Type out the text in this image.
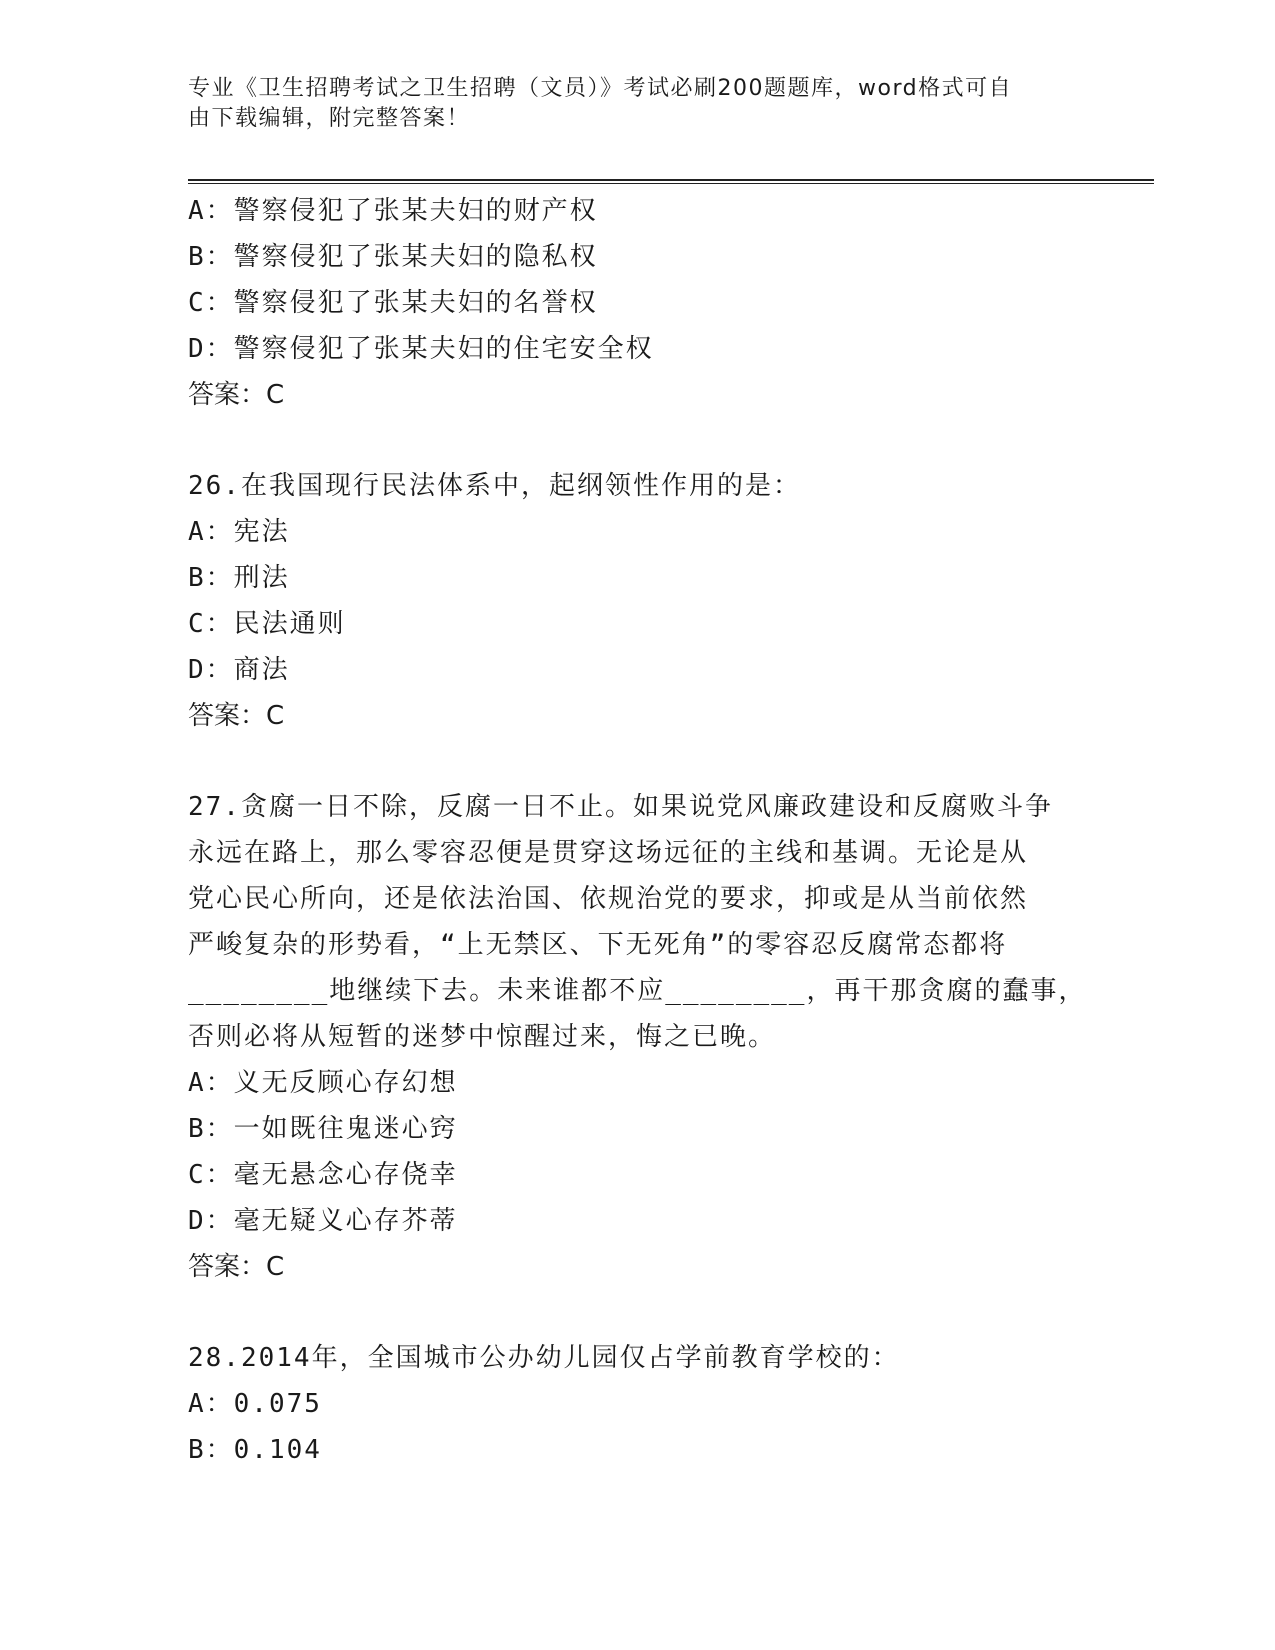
专业《卫生招聘考试之卫生招聘（文员）》考试必刷200题题库，word格式可自
由下载编辑，附完整答案！
A：警察侵犯了张某夫妇的财产权
B：警察侵犯了张某夫妇的隐私权
C：警察侵犯了张某夫妇的名誉权
D：警察侵犯了张某夫妇的住宅安全权
答案：C
26.在我国现行民法体系中，起纲领性作用的是：
A：宪法
B：刑法
C：民法通则
D：商法
答案：C
27.贪腐一日不除，反腐一日不止。如果说党风廉政建设和反腐败斗争
永远在路上，那么零容忍便是贯穿这场远征的主线和基调。无论是从
党心民心所向，还是依法治国、依规治党的要求，抑或是从当前依然
严峻复杂的形势看，“上无禁区、下无死角”的零容忍反腐常态都将
________地继续下去。未来谁都不应________，再干那贪腐的蠢事，
否则必将从短暂的迷梦中惊醒过来，悔之已晚。
A：义无反顾心存幻想
B：一如既往鬼迷心窍
C：毫无悬念心存侥幸
D：毫无疑义心存芥蒂
答案：C
28.2014年，全国城市公办幼儿园仅占学前教育学校的：
A：0.075
B：0.104
